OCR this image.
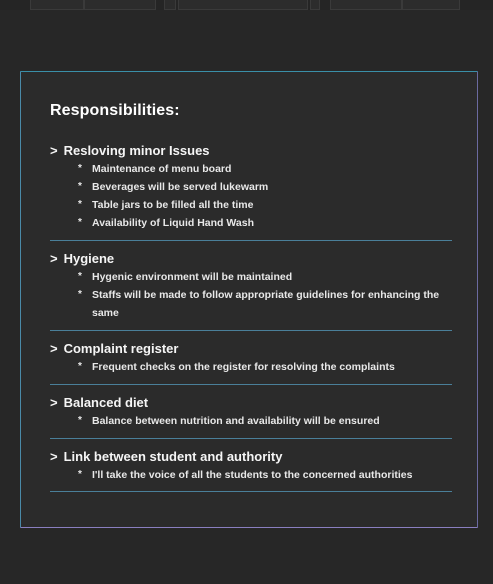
Responsibilities:
> Resloving minor Issues
* Maintenance of menu board
* Beverages will be served lukewarm
* Table jars to be filled all the time
* Availability of Liquid Hand Wash
> Hygiene
* Hygenic environment will be maintained
* Staffs will be made to follow appropriate guidelines for enhancing the same
> Complaint register
* Frequent checks on the register for resolving the complaints
> Balanced diet
* Balance between nutrition and availability will be ensured
> Link between student and authority
* I'll take the voice of all the students to the concerned authorities
